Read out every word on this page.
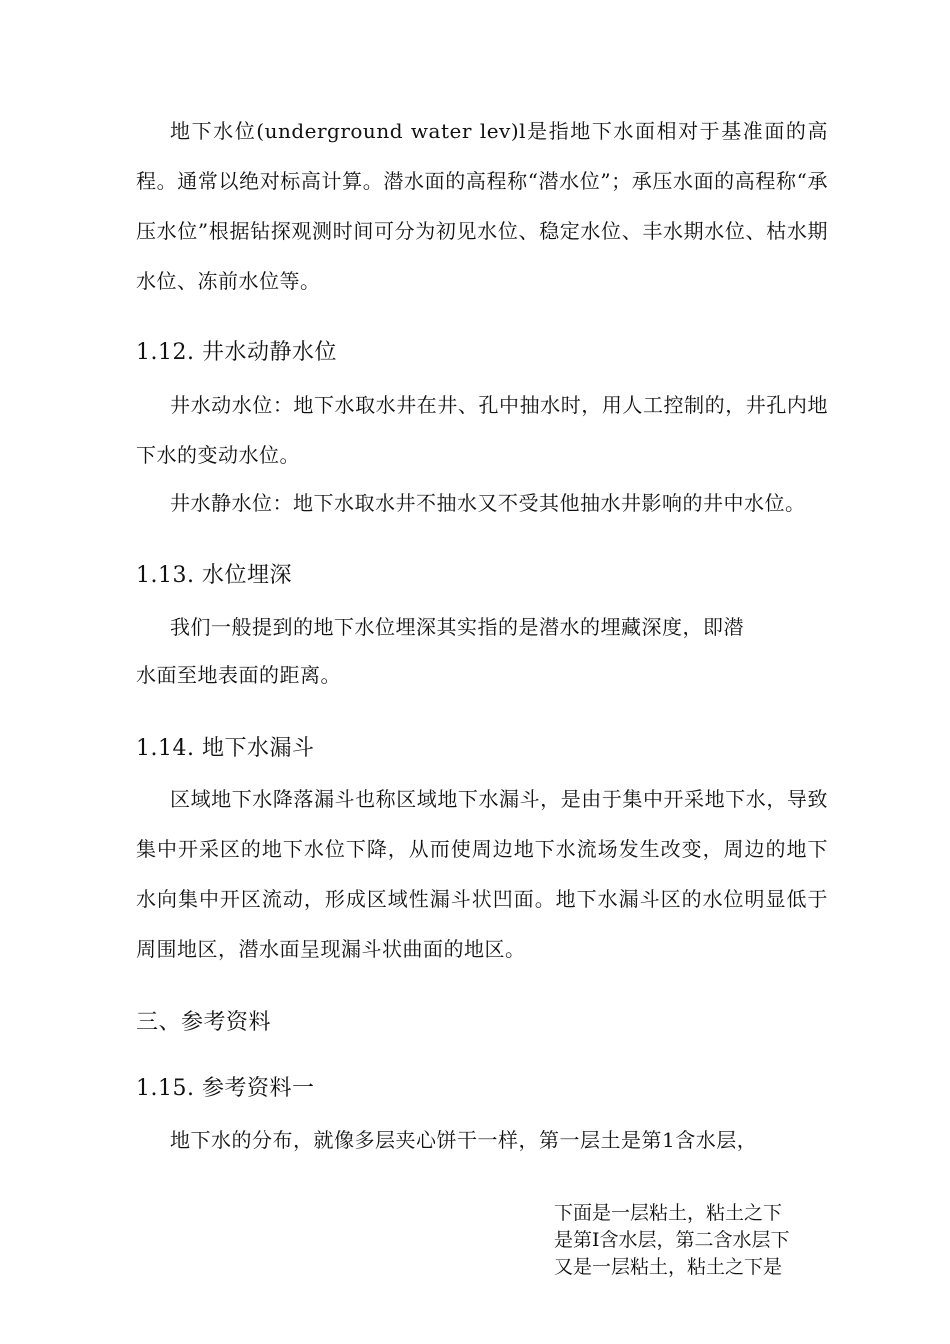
地下水位(underground water lev)l是指地下水面相对于基准面的高程。通常以绝对标高计算。潜水面的高程称“潜水位”；承压水面的高程称“承压水位”根据钻探观测时间可分为初见水位、稳定水位、丰水期水位、枯水期水位、冻前水位等。
1.12. 井水动静水位
井水动水位：地下水取水井在井、孔中抽水时，用人工控制的，井孔内地下水的变动水位。
井水静水位：地下水取水井不抽水又不受其他抽水井影响的井中水位。
1.13. 水位埋深
我们一般提到的地下水位埋深其实指的是潜水的埋藏深度，即潜
水面至地表面的距离。
1.14. 地下水漏斗
区域地下水降落漏斗也称区域地下水漏斗，是由于集中开采地下水，导致集中开采区的地下水位下降，从而使周边地下水流场发生改变，周边的地下水向集中开区流动，形成区域性漏斗状凹面。地下水漏斗区的水位明显低于周围地区，潜水面呈现漏斗状曲面的地区。
三、参考资料
1.15. 参考资料一
地下水的分布，就像多层夹心饼干一样，第一层土是第1含水层，
下面是一层粘土，粘土之下
是第I含水层，第二含水层下
又是一层粘土，粘土之下是
